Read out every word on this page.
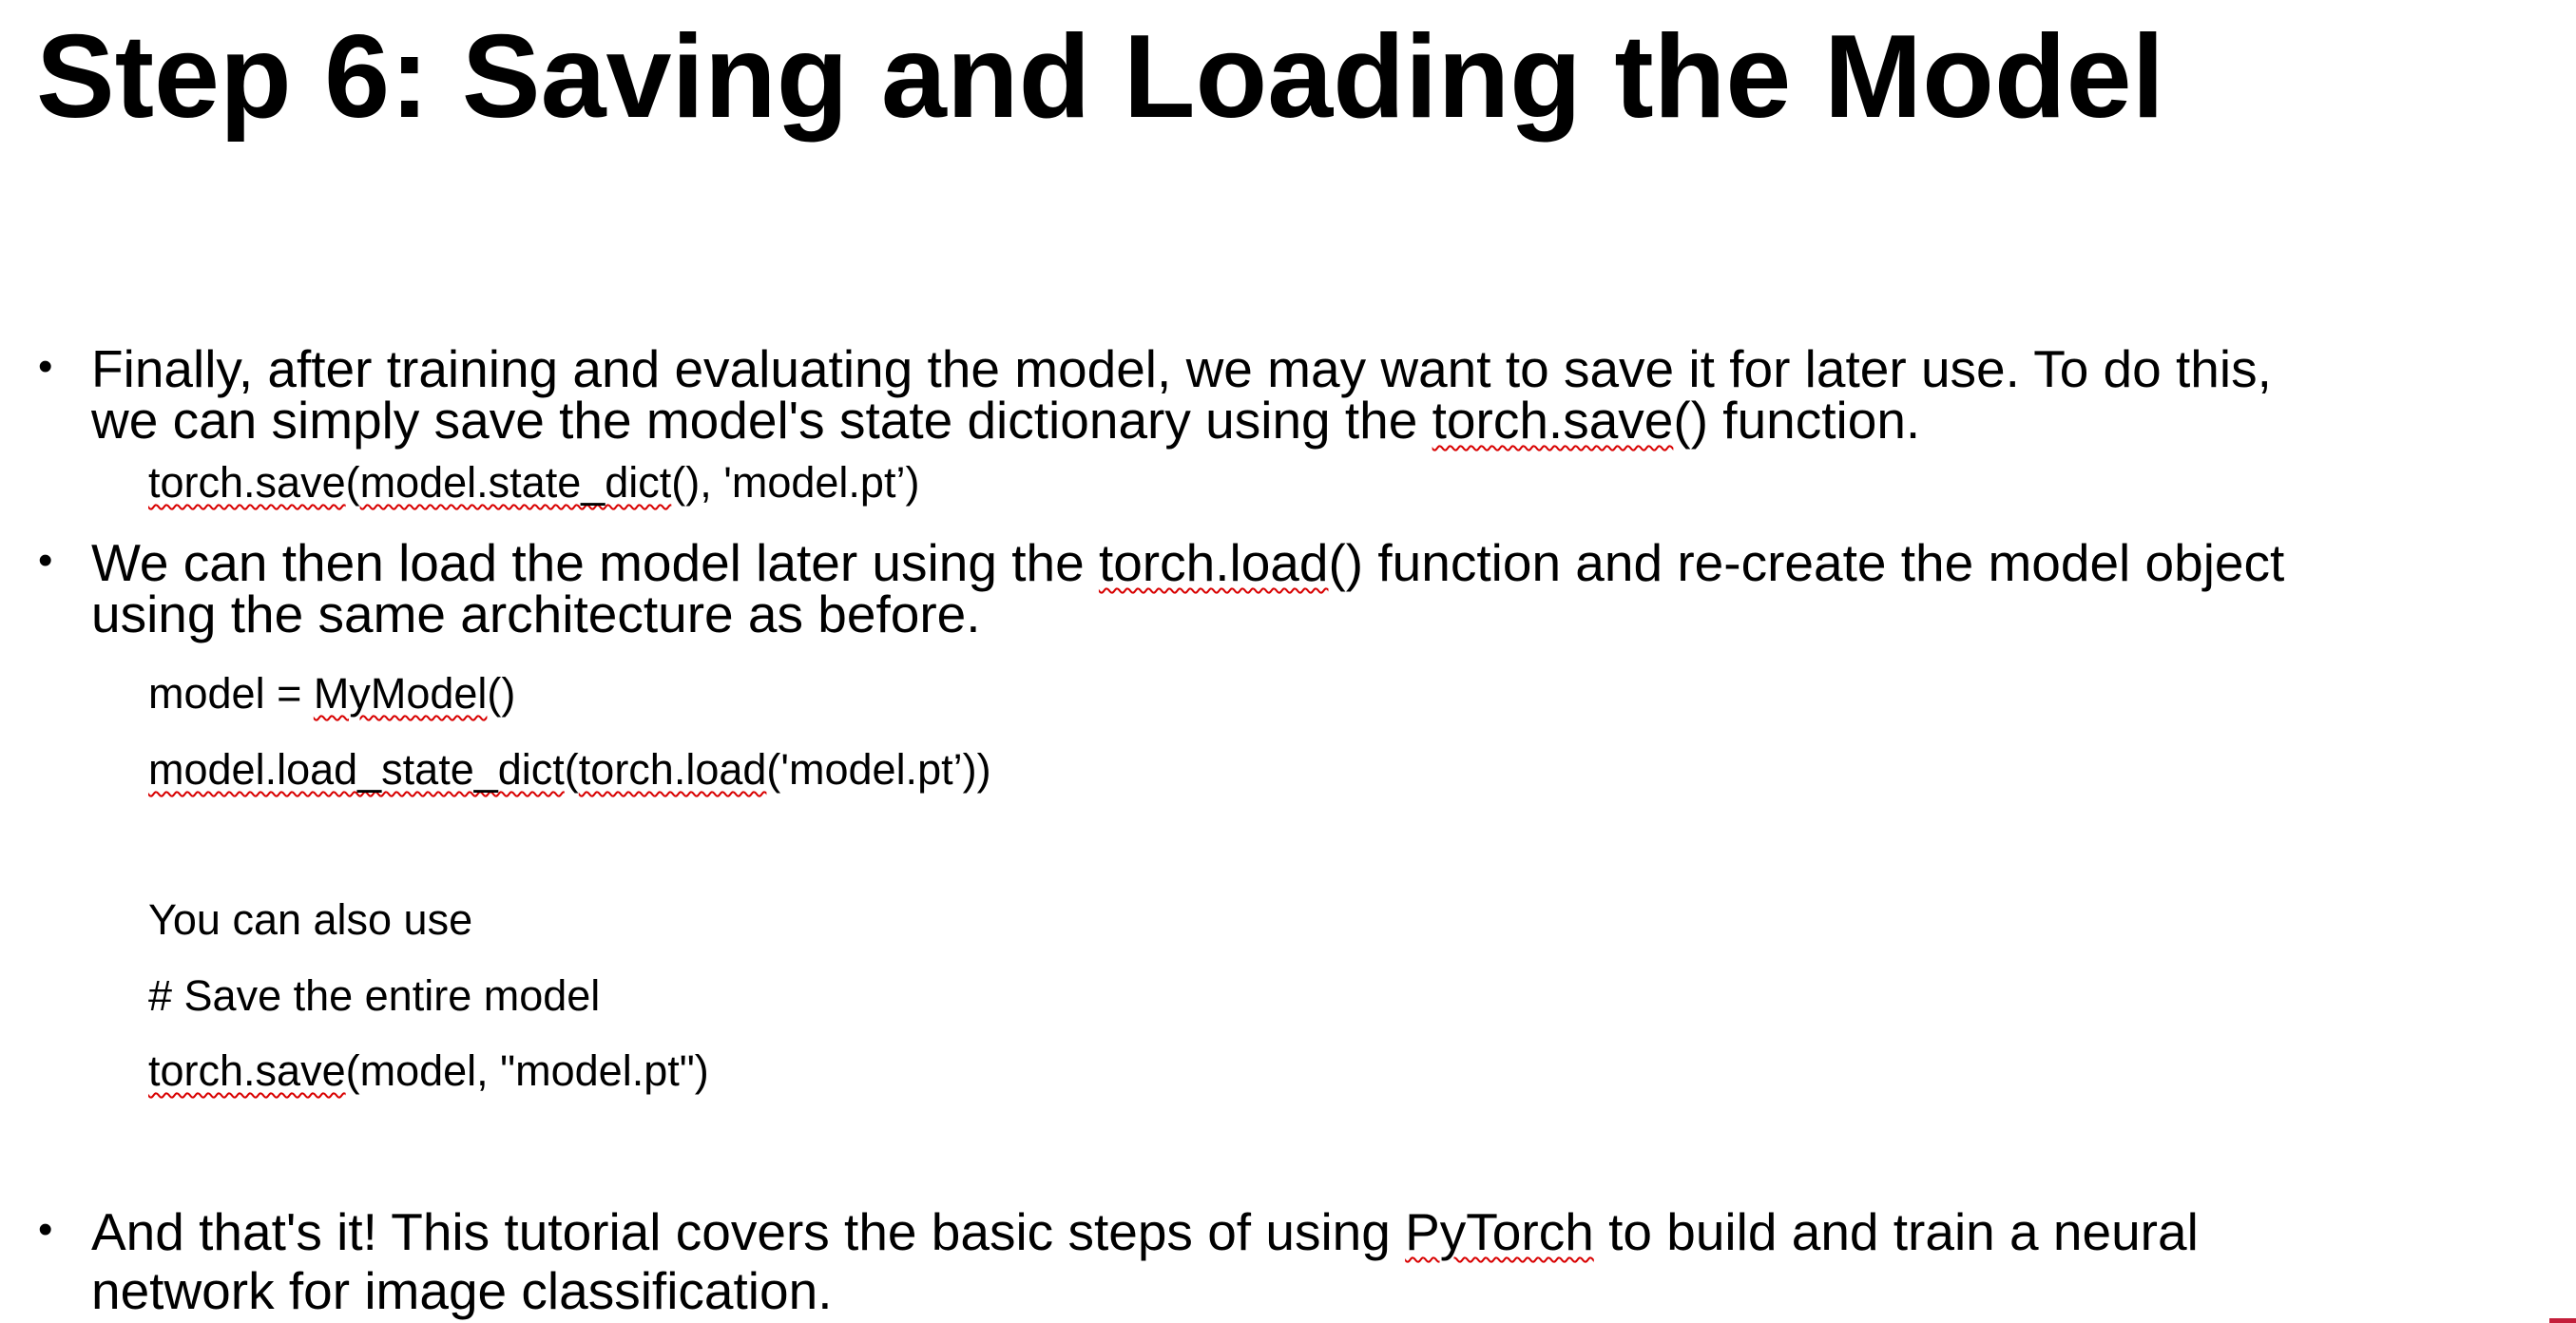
Step 6: Saving and Loading the Model
• Finally, after training and evaluating the model, we may want to save it for later use. To do this,
we can simply save the model's state dictionary using the torch.save() function.
torch.save(model.state_dict(), 'model.pt’)
• We can then load the model later using the torch.load() function and re-create the model object
using the same architecture as before.
model = MyModel()
model.load_state_dict(torch.load('model.pt’))
You can also use
# Save the entire model
torch.save(model, "model.pt")
• And that's it! This tutorial covers the basic steps of using PyTorch to build and train a neural
network for image classification.
